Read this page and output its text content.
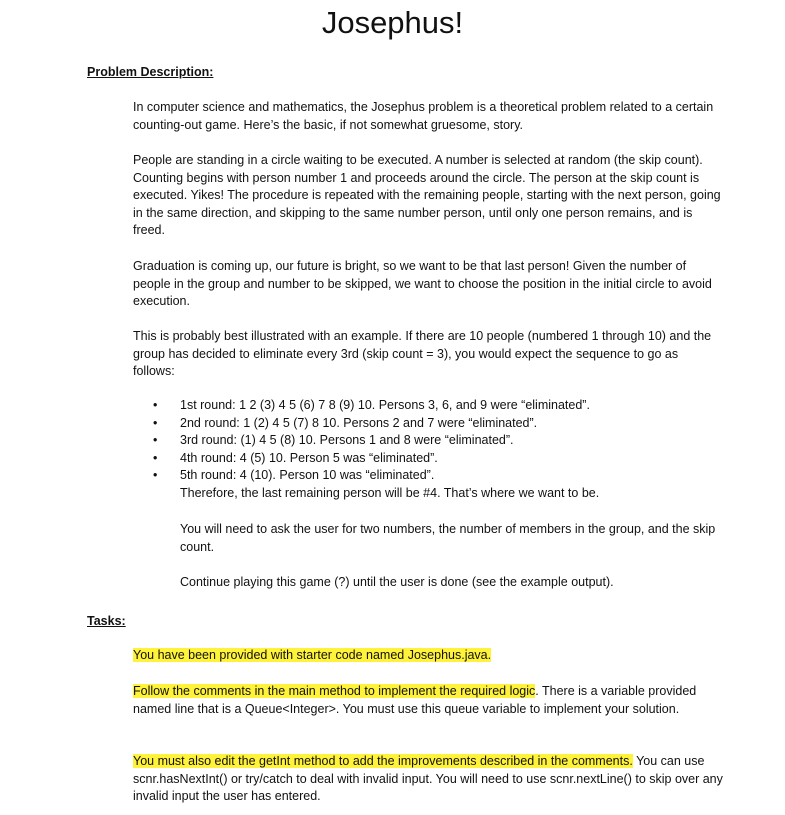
Josephus!
Problem Description:
In computer science and mathematics, the Josephus problem is a theoretical problem related to a certain counting-out game. Here’s the basic, if not somewhat gruesome, story.
People are standing in a circle waiting to be executed. A number is selected at random (the skip count). Counting begins with person number 1 and proceeds around the circle. The person at the skip count is executed. Yikes! The procedure is repeated with the remaining people, starting with the next person, going in the same direction, and skipping to the same number person, until only one person remains, and is freed.
Graduation is coming up, our future is bright, so we want to be that last person! Given the number of people in the group and number to be skipped, we want to choose the position in the initial circle to avoid execution.
This is probably best illustrated with an example. If there are 10 people (numbered 1 through 10) and the group has decided to eliminate every 3rd (skip count = 3), you would expect the sequence to go as follows:
• 1st round: 1 2 (3) 4 5 (6) 7 8 (9) 10. Persons 3, 6, and 9 were “eliminated”.
• 2nd round: 1 (2) 4 5 (7) 8 10. Persons 2 and 7 were “eliminated”.
• 3rd round: (1) 4 5 (8) 10. Persons 1 and 8 were “eliminated”.
• 4th round: 4 (5) 10. Person 5 was “eliminated”.
• 5th round: 4 (10). Person 10 was “eliminated”.
Therefore, the last remaining person will be #4. That’s where we want to be.
You will need to ask the user for two numbers, the number of members in the group, and the skip count.
Continue playing this game (?) until the user is done (see the example output).
Tasks:
You have been provided with starter code named Josephus.java.
Follow the comments in the main method to implement the required logic. There is a variable provided named line that is a Queue<Integer>. You must use this queue variable to implement your solution.
You must also edit the getInt method to add the improvements described in the comments. You can use scnr.hasNextInt() or try/catch to deal with invalid input. You will need to use scnr.nextLine() to skip over any invalid input the user has entered.
